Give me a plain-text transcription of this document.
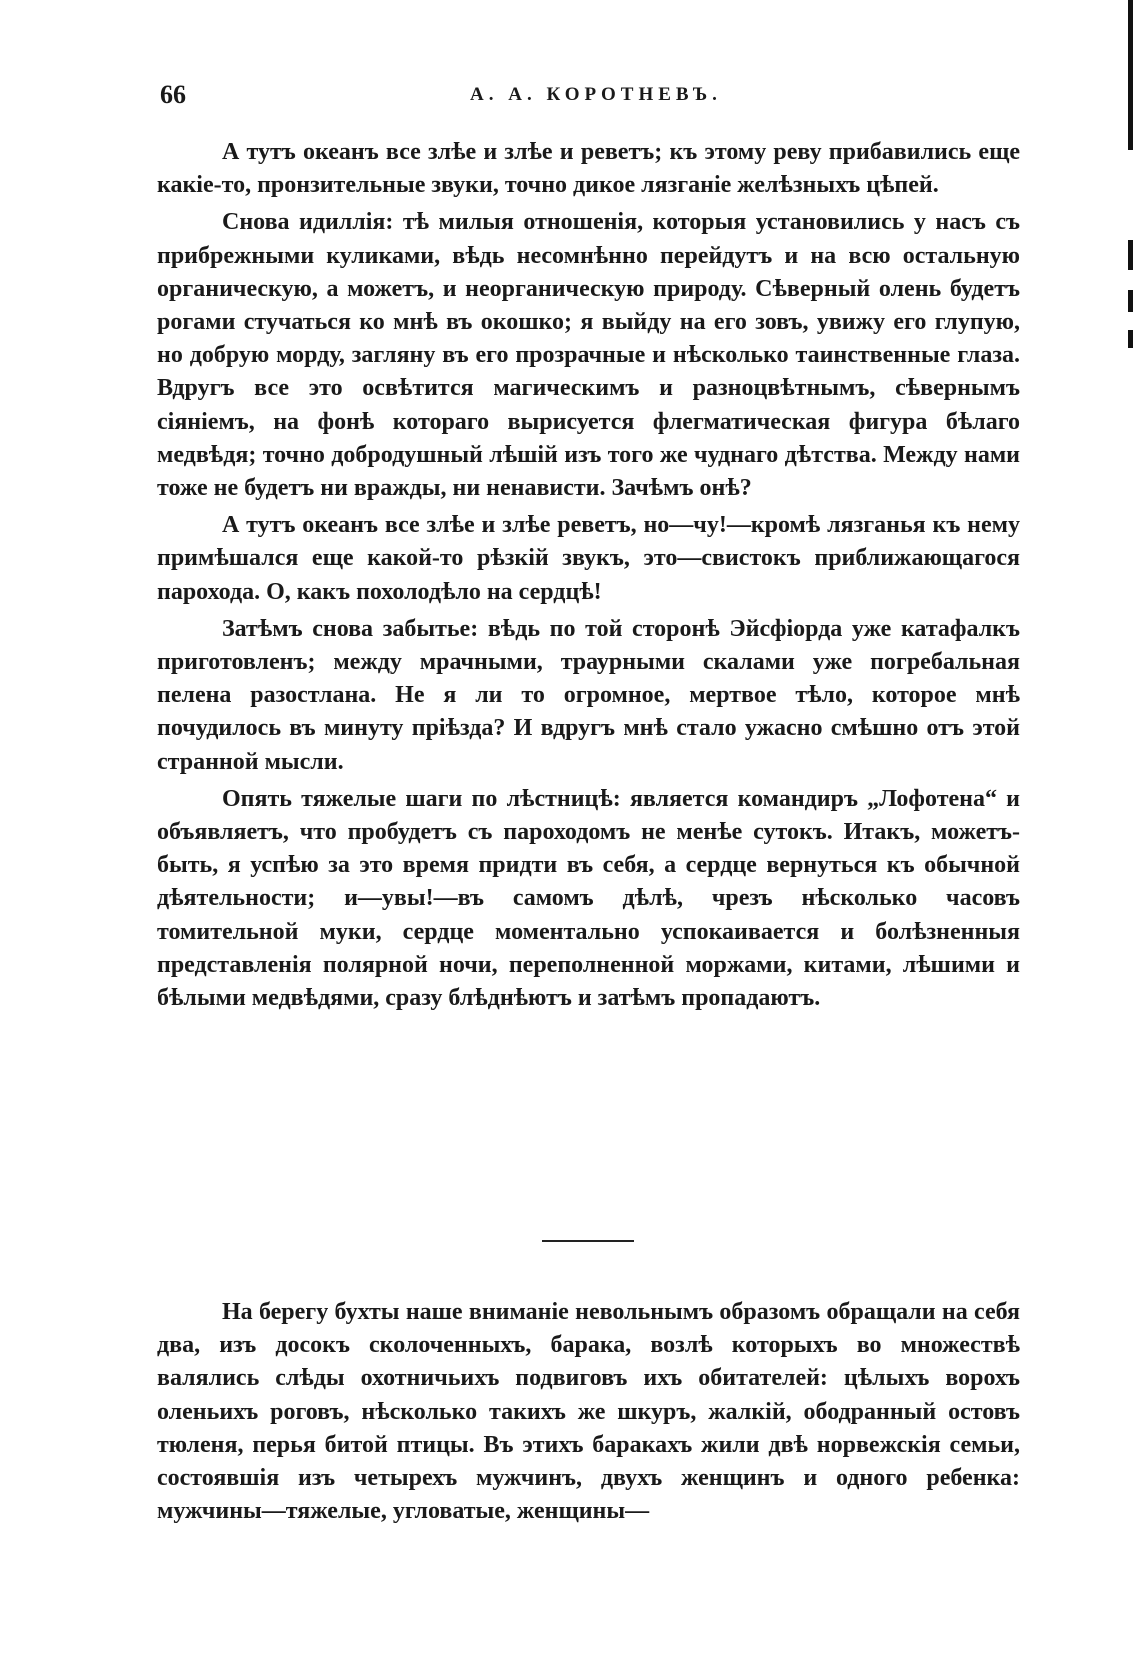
66	А. А. КОРОТНЕВЪ.

А тутъ океанъ все злѣе и злѣе и реветъ; къ этому реву прибавились еще какіе-то, пронзительные звуки, точно дикое лязганіе желѣзныхъ цѣпей.

Снова идиллія: тѣ милыя отношенія, которыя установились у насъ съ прибрежными куликами, вѣдь несомнѣнно перейдутъ и на всю остальную органическую, а можетъ, и неорганическую природу. Сѣверный олень будетъ рогами стучаться ко мнѣ въ окошко; я выйду на его зовъ, увижу его глупую, но добрую морду, загляну въ его прозрачные и нѣсколько таинственные глаза. Вдругъ все это освѣтится магическимъ и разноцвѣтнымъ, сѣвернымъ сіяніемъ, на фонѣ котораго вырисуется флегматическая фигура бѣлаго медвѣдя; точно добродушный лѣшій изъ того же чуднаго дѣтства. Между нами тоже не будетъ ни вражды, ни ненависти. Зачѣмъ онѣ?

А тутъ океанъ все злѣе и злѣе реветъ, но—чу!—кромѣ лязганья къ нему примѣшался еще какой-то рѣзкій звукъ, это—свистокъ приближающагося парохода. О, какъ похолодѣло на сердцѣ!

Затѣмъ снова забытье: вѣдь по той сторонѣ Эйсфіорда уже катафалкъ приготовленъ; между мрачными, траурными скалами уже погребальная пелена разостлана. Не я ли то огромное, мертвое тѣло, которое мнѣ почудилось въ минуту пріѣзда? И вдругъ мнѣ стало ужасно смѣшно отъ этой странной мысли.

Опять тяжелые шаги по лѣстницѣ: является командиръ „Лофотена“ и объявляетъ, что пробудетъ съ пароходомъ не менѣе сутокъ. Итакъ, можетъ-быть, я успѣю за это время придти въ себя, а сердце вернуться къ обычной дѣятельности; и—увы!—въ самомъ дѣлѣ, чрезъ нѣсколько часовъ томительной муки, сердце моментально успокаивается и болѣзненныя представленія полярной ночи, переполненной моржами, китами, лѣшими и бѣлыми медвѣдями, сразу блѣднѣютъ и затѣмъ пропадаютъ.

На берегу бухты наше вниманіе невольнымъ образомъ обращали на себя два, изъ досокъ сколоченныхъ, барака, возлѣ которыхъ во множествѣ валялись слѣды охотничьихъ подвиговъ ихъ обитателей: цѣлыхъ ворохъ оленьихъ роговъ, нѣсколько такихъ же шкуръ, жалкій, ободранный остовъ тюленя, перья битой птицы. Въ этихъ баракахъ жили двѣ норвежскія семьи, состоявшія изъ четырехъ мужчинъ, двухъ женщинъ и одного ребенка: мужчины—тяжелые, угловатые, женщины—
